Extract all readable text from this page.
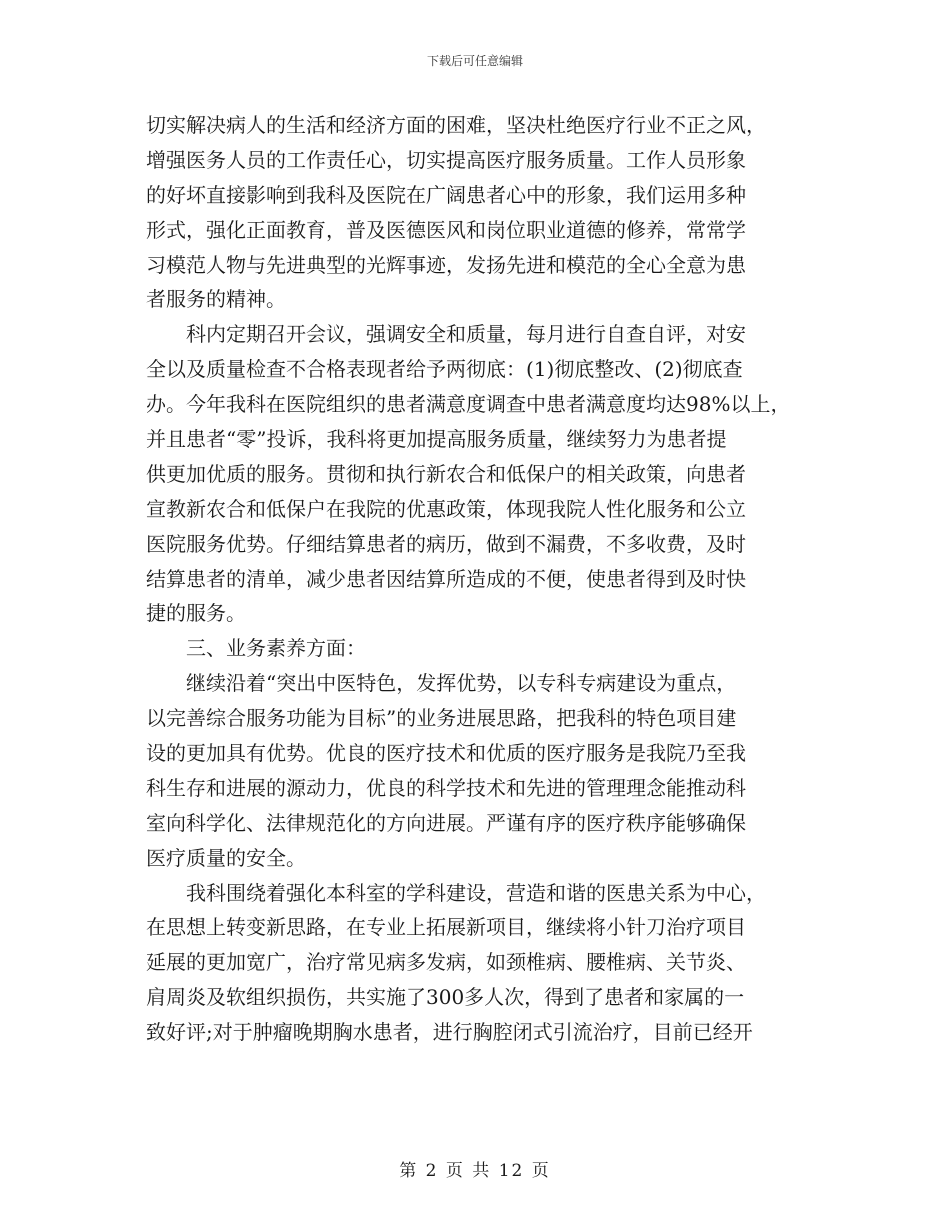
下载后可任意编辑
切实解决病人的生活和经济方面的困难，坚决杜绝医疗行业不正之风，
增强医务人员的工作责任心，切实提高医疗服务质量。工作人员形象
的好坏直接影响到我科及医院在广阔患者心中的形象，我们运用多种
形式，强化正面教育，普及医德医风和岗位职业道德的修养，常常学
习模范人物与先进典型的光辉事迹，发扬先进和模范的全心全意为患
者服务的精神。
科内定期召开会议，强调安全和质量，每月进行自查自评，对安
全以及质量检查不合格表现者给予两彻底：(1)彻底整改、(2)彻底查
办。今年我科在医院组织的患者满意度调查中患者满意度均达98%以上，
并且患者“零”投诉，我科将更加提高服务质量，继续努力为患者提
供更加优质的服务。贯彻和执行新农合和低保户的相关政策，向患者
宣教新农合和低保户在我院的优惠政策，体现我院人性化服务和公立
医院服务优势。仔细结算患者的病历，做到不漏费，不多收费，及时
结算患者的清单，减少患者因结算所造成的不便，使患者得到及时快
捷的服务。
三、业务素养方面：
继续沿着“突出中医特色，发挥优势，以专科专病建设为重点，
以完善综合服务功能为目标”的业务进展思路，把我科的特色项目建
设的更加具有优势。优良的医疗技术和优质的医疗服务是我院乃至我
科生存和进展的源动力，优良的科学技术和先进的管理理念能推动科
室向科学化、法律规范化的方向进展。严谨有序的医疗秩序能够确保
医疗质量的安全。
我科围绕着强化本科室的学科建设，营造和谐的医患关系为中心，
在思想上转变新思路，在专业上拓展新项目，继续将小针刀治疗项目
延展的更加宽广，治疗常见病多发病，如颈椎病、腰椎病、关节炎、
肩周炎及软组织损伤，共实施了300多人次，得到了患者和家属的一
致好评;对于肿瘤晚期胸水患者，进行胸腔闭式引流治疗，目前已经开
第 2 页 共 12 页
